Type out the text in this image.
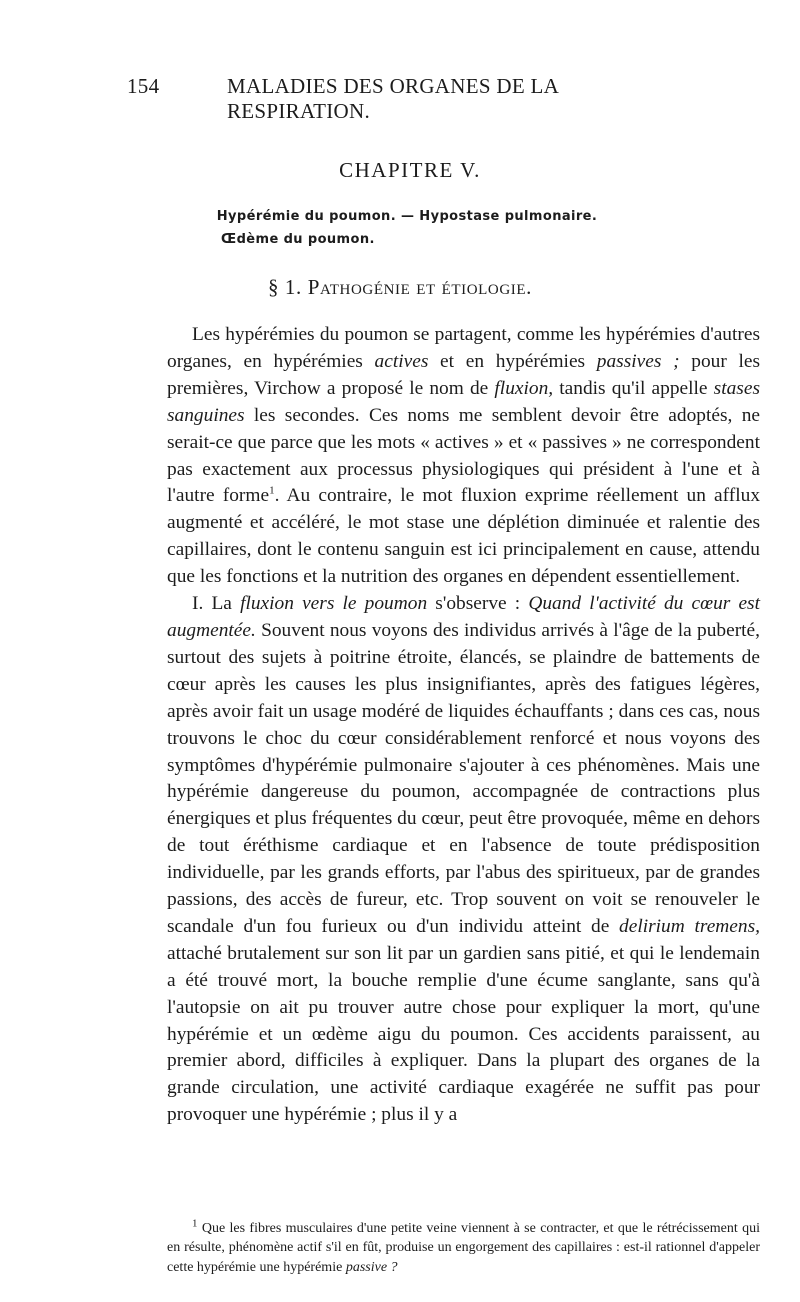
154	MALADIES DES ORGANES DE LA RESPIRATION.
CHAPITRE V.
Hypérémie du poumon. — Hypostase pulmonaire.
Œdème du poumon.
§ 1. Pathogénie et étiologie.

Les hypérémies du poumon se partagent, comme les hypérémies d'autres organes, en hypérémies actives et en hypérémies passives ; pour les premières, Virchow a proposé le nom de fluxion, tandis qu'il appelle stases sanguines les secondes. Ces noms me semblent devoir être adoptés, ne serait-ce que parce que les mots « actives » et « passives » ne correspondent pas exactement aux processus physiologiques qui président à l'une et à l'autre forme$^1$. Au contraire, le mot fluxion exprime réellement un afflux augmenté et accéléré, le mot stase une déplétion diminuée et ralentie des capillaires, dont le contenu sanguin est ici principalement en cause, attendu que les fonctions et la nutrition des organes en dépendent essentiellement.

I. La fluxion vers le poumon s'observe : Quand l'activité du cœur est augmentée. Souvent nous voyons des individus arrivés à l'âge de la puberté, surtout des sujets à poitrine étroite, élancés, se plaindre de battements de cœur après les causes les plus insignifiantes, après des fatigues légères, après avoir fait un usage modéré de liquides échauffants ; dans ces cas, nous trouvons le choc du cœur considérablement renforcé et nous voyons des symptômes d'hypérémie pulmonaire s'ajouter à ces phénomènes. Mais une hypérémie dangereuse du poumon, accompagnée de contractions plus énergiques et plus fréquentes du cœur, peut être provoquée, même en dehors de tout éréthisme cardiaque et en l'absence de toute prédisposition individuelle, par les grands efforts, par l'abus des spiritueux, par de grandes passions, des accès de fureur, etc. Trop souvent on voit se renouveler le scandale d'un fou furieux ou d'un individu atteint de delirium tremens, attaché brutalement sur son lit par un gardien sans pitié, et qui le lendemain a été trouvé mort, la bouche remplie d'une écume sanglante, sans qu'à l'autopsie on ait pu trouver autre chose pour expliquer la mort, qu'une hypérémie et un œdème aigu du poumon. Ces accidents paraissent, au premier abord, difficiles à expliquer. Dans la plupart des organes de la grande circulation, une activité cardiaque exagérée ne suffit pas pour provoquer une hypérémie ; plus il y a

$^1$ Que les fibres musculaires d'une petite veine viennent à se contracter, et que le rétrécissement qui en résulte, phénomène actif s'il en fût, produise un engorgement des capillaires : est-il rationnel d'appeler cette hypérémie une hypérémie passive ?
